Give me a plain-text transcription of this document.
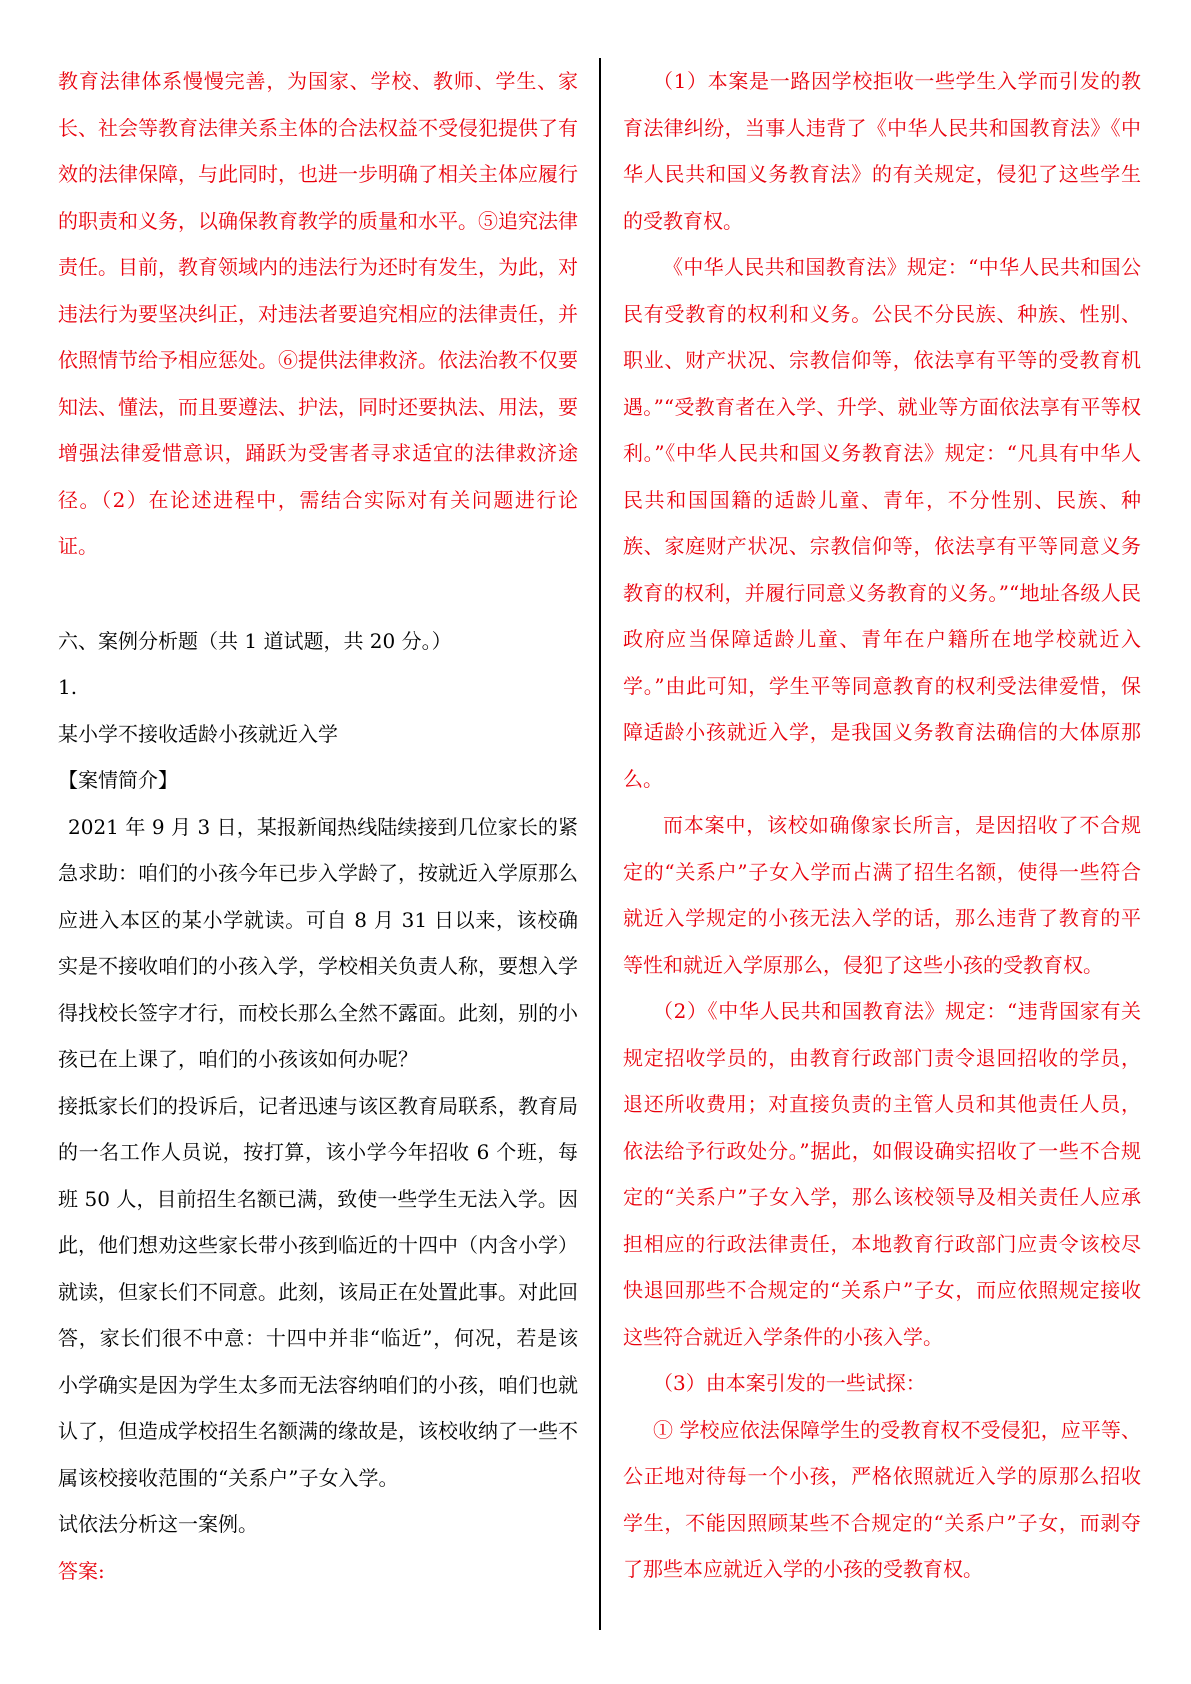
教育法律体系慢慢完善，为国家、学校、教师、学生、家长、社会等教育法律关系主体的合法权益不受侵犯提供了有效的法律保障，与此同时，也进一步明确了相关主体应履行的职责和义务，以确保教育教学的质量和水平。⑤追究法律责任。目前，教育领域内的违法行为还时有发生，为此，对违法行为要坚决纠正，对违法者要追究相应的法律责任，并依照情节给予相应惩处。⑥提供法律救济。依法治教不仅要知法、懂法，而且要遵法、护法，同时还要执法、用法，要增强法律爱惜意识，踊跃为受害者寻求适宜的法律救济途径。（2）在论述进程中，需结合实际对有关问题进行论证。

六、案例分析题（共 1 道试题，共 20 分。）

1.

某小学不接收适龄小孩就近入学

【案情简介】

2021 年 9 月 3 日，某报新闻热线陆续接到几位家长的紧急求助：咱们的小孩今年已步入学龄了，按就近入学原那么应进入本区的某小学就读。可自 8 月 31 日以来，该校确实是不接收咱们的小孩入学，学校相关负责人称，要想入学得找校长签字才行，而校长那么全然不露面。此刻，别的小孩已在上课了，咱们的小孩该如何办呢？

接抵家长们的投诉后，记者迅速与该区教育局联系，教育局的一名工作人员说，按打算，该小学今年招收 6 个班，每班 50 人，目前招生名额已满，致使一些学生无法入学。因此，他们想劝这些家长带小孩到临近的十四中（内含小学）就读，但家长们不同意。此刻，该局正在处置此事。对此回答，家长们很不中意：十四中并非“临近”，何况，若是该小学确实是因为学生太多而无法容纳咱们的小孩，咱们也就认了，但造成学校招生名额满的缘故是，该校收纳了一些不属该校接收范围的“关系户”子女入学。

试依法分析这一案例。

答案:

（1）本案是一路因学校拒收一些学生入学而引发的教育法律纠纷，当事人违背了《中华人民共和国教育法》《中华人民共和国义务教育法》的有关规定，侵犯了这些学生的受教育权。

《中华人民共和国教育法》规定：“中华人民共和国公民有受教育的权利和义务。公民不分民族、种族、性别、职业、财产状况、宗教信仰等，依法享有平等的受教育机遇。”“受教育者在入学、升学、就业等方面依法享有平等权利。”《中华人民共和国义务教育法》规定：“凡具有中华人民共和国国籍的适龄儿童、青年，不分性别、民族、种族、家庭财产状况、宗教信仰等，依法享有平等同意义务教育的权利，并履行同意义务教育的义务。”“地址各级人民政府应当保障适龄儿童、青年在户籍所在地学校就近入学。”由此可知，学生平等同意教育的权利受法律爱惜，保障适龄小孩就近入学，是我国义务教育法确信的大体原那么。

而本案中，该校如确像家长所言，是因招收了不合规定的“关系户”子女入学而占满了招生名额，使得一些符合就近入学规定的小孩无法入学的话，那么违背了教育的平等性和就近入学原那么，侵犯了这些小孩的受教育权。

（2）《中华人民共和国教育法》规定：“违背国家有关规定招收学员的，由教育行政部门责令退回招收的学员，退还所收费用；对直接负责的主管人员和其他责任人员，依法给予行政处分。”据此，如假设确实招收了一些不合规定的“关系户”子女入学，那么该校领导及相关责任人应承担相应的行政法律责任，本地教育行政部门应责令该校尽快退回那些不合规定的“关系户”子女，而应依照规定接收这些符合就近入学条件的小孩入学。

（3）由本案引发的一些试探：

① 学校应依法保障学生的受教育权不受侵犯，应平等、公正地对待每一个小孩，严格依照就近入学的原那么招收学生，不能因照顾某些不合规定的“关系户”子女，而剥夺了那些本应就近入学的小孩的受教育权。
